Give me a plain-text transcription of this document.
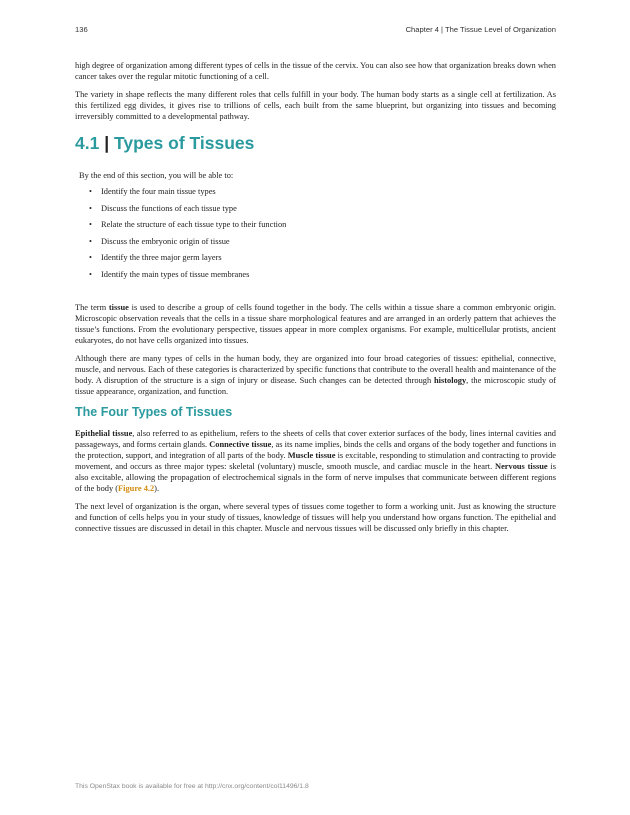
136	Chapter 4 | The Tissue Level of Organization

high degree of organization among different types of cells in the tissue of the cervix. You can also see how that organization breaks down when cancer takes over the regular mitotic functioning of a cell.

The variety in shape reflects the many different roles that cells fulfill in your body. The human body starts as a single cell at fertilization. As this fertilized egg divides, it gives rise to trillions of cells, each built from the same blueprint, but organizing into tissues and becoming irreversibly committed to a developmental pathway.

4.1 | Types of Tissues

By the end of this section, you will be able to:

• Identify the four main tissue types
• Discuss the functions of each tissue type
• Relate the structure of each tissue type to their function
• Discuss the embryonic origin of tissue
• Identify the three major germ layers
• Identify the main types of tissue membranes

The term tissue is used to describe a group of cells found together in the body. The cells within a tissue share a common embryonic origin. Microscopic observation reveals that the cells in a tissue share morphological features and are arranged in an orderly pattern that achieves the tissue’s functions. From the evolutionary perspective, tissues appear in more complex organisms. For example, multicellular protists, ancient eukaryotes, do not have cells organized into tissues.

Although there are many types of cells in the human body, they are organized into four broad categories of tissues: epithelial, connective, muscle, and nervous. Each of these categories is characterized by specific functions that contribute to the overall health and maintenance of the body. A disruption of the structure is a sign of injury or disease. Such changes can be detected through histology, the microscopic study of tissue appearance, organization, and function.

The Four Types of Tissues

Epithelial tissue, also referred to as epithelium, refers to the sheets of cells that cover exterior surfaces of the body, lines internal cavities and passageways, and forms certain glands. Connective tissue, as its name implies, binds the cells and organs of the body together and functions in the protection, support, and integration of all parts of the body. Muscle tissue is excitable, responding to stimulation and contracting to provide movement, and occurs as three major types: skeletal (voluntary) muscle, smooth muscle, and cardiac muscle in the heart. Nervous tissue is also excitable, allowing the propagation of electrochemical signals in the form of nerve impulses that communicate between different regions of the body (Figure 4.2).

The next level of organization is the organ, where several types of tissues come together to form a working unit. Just as knowing the structure and function of cells helps you in your study of tissues, knowledge of tissues will help you understand how organs function. The epithelial and connective tissues are discussed in detail in this chapter. Muscle and nervous tissues will be discussed only briefly in this chapter.

This OpenStax book is available for free at http://cnx.org/content/col11496/1.8
